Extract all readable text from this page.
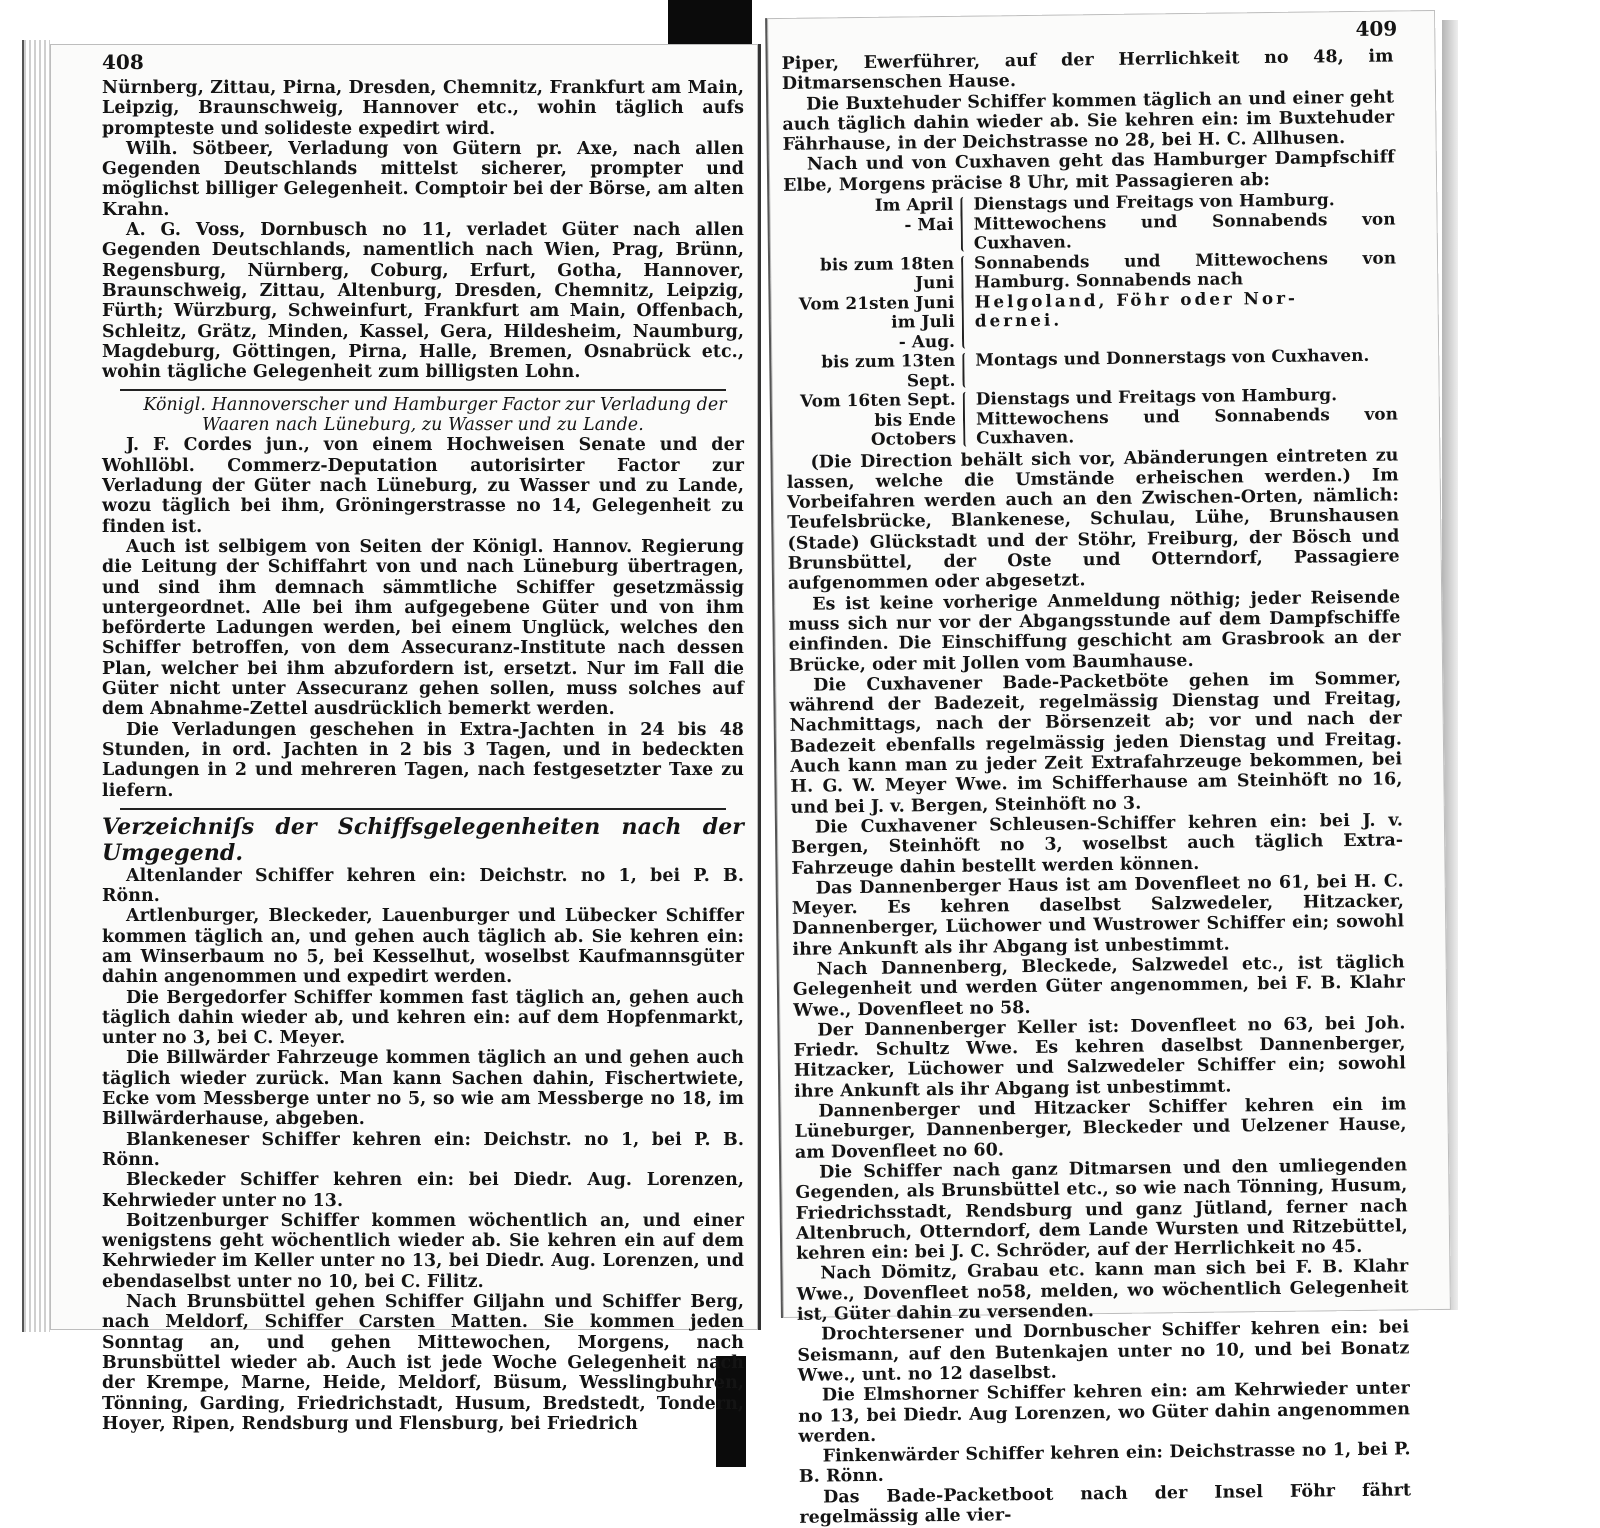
408

Nürnberg, Zittau, Pirna, Dresden, Chemnitz, Frankfurt am Main, Leipzig, Braunschweig, Hannover etc., wohin täglich aufs prompteste und solideste expedirt wird.

Wilh. Sötbeer, Verladung von Gütern pr. Axe, nach allen Gegenden Deutschlands mittelst sicherer, prompter und möglichst billiger Gelegenheit. Comptoir bei der Börse, am alten Krahn.

A. G. Voss, Dornbusch no 11, verladet Güter nach allen Gegenden Deutschlands, namentlich nach Wien, Prag, Brünn, Regensburg, Nürnberg, Coburg, Erfurt, Gotha, Hannover, Braunschweig, Zittau, Altenburg, Dresden, Chemnitz, Leipzig, Fürth; Würzburg, Schweinfurt, Frankfurt am Main, Offenbach, Schleitz, Grätz, Minden, Kassel, Gera, Hildesheim, Naumburg, Magdeburg, Göttingen, Pirna, Halle, Bremen, Osnabrück etc., wohin tägliche Gelegenheit zum billigsten Lohn.

Königl. Hannoverscher und Hamburger Factor zur Verladung der Waaren nach Lüneburg, zu Wasser und zu Lande.

J. F. Cordes jun., von einem Hochweisen Senate und der Wohllöbl. Commerz-Deputation autorisirter Factor zur Verladung der Güter nach Lüneburg, zu Wasser und zu Lande, wozu täglich bei ihm, Gröningerstrasse no 14, Gelegenheit zu finden ist.

Auch ist selbigem von Seiten der Königl. Hannov. Regierung die Leitung der Schiffahrt von und nach Lüneburg übertragen, und sind ihm demnach sämmtliche Schiffer gesetzmässig untergeordnet. Alle bei ihm aufgegebene Güter und von ihm beförderte Ladungen werden, bei einem Unglück, welches den Schiffer betroffen, von dem Assecuranz-Institute nach dessen Plan, welcher bei ihm abzufordern ist, ersetzt. Nur im Fall die Güter nicht unter Assecuranz gehen sollen, muss solches auf dem Abnahme-Zettel ausdrücklich bemerkt werden.

Die Verladungen geschehen in Extra-Jachten in 24 bis 48 Stunden, in ord. Jachten in 2 bis 3 Tagen, und in bedeckten Ladungen in 2 und mehreren Tagen, nach festgesetzter Taxe zu liefern.

Verzeichniſs der Schiffsgelegenheiten nach der Umgegend.

Altenlander Schiffer kehren ein: Deichstr. no 1, bei P. B. Rönn.

Artlenburger, Bleckeder, Lauenburger und Lübecker Schiffer kommen täglich an, und gehen auch täglich ab. Sie kehren ein: am Winserbaum no 5, bei Kesselhut, woselbst Kaufmannsgüter dahin angenommen und expedirt werden.

Die Bergedorfer Schiffer kommen fast täglich an, gehen auch täglich dahin wieder ab, und kehren ein: auf dem Hopfenmarkt, unter no 3, bei C. Meyer.

Die Billwärder Fahrzeuge kommen täglich an und gehen auch täglich wieder zurück. Man kann Sachen dahin, Fischertwiete, Ecke vom Messberge unter no 5, so wie am Messberge no 18, im Billwärderhause, abgeben.

Blankeneser Schiffer kehren ein: Deichstr. no 1, bei P. B. Rönn.

Bleckeder Schiffer kehren ein: bei Diedr. Aug. Lorenzen, Kehrwieder unter no 13.

Boitzenburger Schiffer kommen wöchentlich an, und einer wenigstens geht wöchentlich wieder ab. Sie kehren ein auf dem Kehrwieder im Keller unter no 13, bei Diedr. Aug. Lorenzen, und ebendaselbst unter no 10, bei C. Filitz.

Nach Brunsbüttel gehen Schiffer Giljahn und Schiffer Berg, nach Meldorf, Schiffer Carsten Matten. Sie kommen jeden Sonntag an, und gehen Mittewochen, Morgens, nach Brunsbüttel wieder ab. Auch ist jede Woche Gelegenheit nach der Krempe, Marne, Heide, Meldorf, Büsum, Wesslingbuhren, Tönning, Garding, Friedrichstadt, Husum, Bredstedt, Tondern, Hoyer, Ripen, Rendsburg und Flensburg, bei Friedrich

409

Piper, Ewerführer, auf der Herrlichkeit no 48, im Ditmarsenschen Hause.

Die Buxtehuder Schiffer kommen täglich an und einer geht auch täglich dahin wieder ab. Sie kehren ein: im Buxtehuder Fährhause, in der Deichstrasse no 28, bei H. C. Allhusen.

Nach und von Cuxhaven geht das Hamburger Dampfschiff Elbe, Morgens präcise 8 Uhr, mit Passagieren ab:

Im April
- Mai
Dienstags und Freitags von Hamburg.
Mittewochens und Sonnabends von Cuxhaven.
bis zum 18ten Juni
Vom 21sten Juni
im Juli
- Aug.
Sonnabends und Mittewochens von Hamburg. Sonnabends nach
Helgoland, Föhr oder Nor-
dernei.
bis zum 13ten Sept.
Montags und Donnerstags von Cuxhaven.
Vom 16ten Sept.
bis Ende Octobers
Dienstags und Freitags von Hamburg.
Mittewochens und Sonnabends von Cuxhaven.

(Die Direction behält sich vor, Abänderungen eintreten zu lassen, welche die Umstände erheischen werden.) Im Vorbeifahren werden auch an den Zwischen-Orten, nämlich: Teufelsbrücke, Blankenese, Schulau, Lühe, Brunshausen (Stade) Glückstadt und der Stöhr, Freiburg, der Bösch und Brunsbüttel, der Oste und Otterndorf, Passagiere aufgenommen oder abgesetzt.

Es ist keine vorherige Anmeldung nöthig; jeder Reisende muss sich nur vor der Abgangsstunde auf dem Dampfschiffe einfinden. Die Einschiffung geschicht am Grasbrook an der Brücke, oder mit Jollen vom Baumhause.

Die Cuxhavener Bade-Packetböte gehen im Sommer, während der Badezeit, regelmässig Dienstag und Freitag, Nachmittags, nach der Börsenzeit ab; vor und nach der Badezeit ebenfalls regelmässig jeden Dienstag und Freitag. Auch kann man zu jeder Zeit Extrafahrzeuge bekommen, bei H. G. W. Meyer Wwe. im Schifferhause am Steinhöft no 16, und bei J. v. Bergen, Steinhöft no 3.

Die Cuxhavener Schleusen-Schiffer kehren ein: bei J. v. Bergen, Steinhöft no 3, woselbst auch täglich Extra-Fahrzeuge dahin bestellt werden können.

Das Dannenberger Haus ist am Dovenfleet no 61, bei H. C. Meyer. Es kehren daselbst Salzwedeler, Hitzacker, Dannenberger, Lüchower und Wustrower Schiffer ein; sowohl ihre Ankunft als ihr Abgang ist unbestimmt.

Nach Dannenberg, Bleckede, Salzwedel etc., ist täglich Gelegenheit und werden Güter angenommen, bei F. B. Klahr Wwe., Dovenfleet no 58.

Der Dannenberger Keller ist: Dovenfleet no 63, bei Joh. Friedr. Schultz Wwe. Es kehren daselbst Dannenberger, Hitzacker, Lüchower und Salzwedeler Schiffer ein; sowohl ihre Ankunft als ihr Abgang ist unbestimmt.

Dannenberger und Hitzacker Schiffer kehren ein im Lüneburger, Dannenberger, Bleckeder und Uelzener Hause, am Dovenfleet no 60.

Die Schiffer nach ganz Ditmarsen und den umliegenden Gegenden, als Brunsbüttel etc., so wie nach Tönning, Husum, Friedrichsstadt, Rendsburg und ganz Jütland, ferner nach Altenbruch, Otterndorf, dem Lande Wursten und Ritzebüttel, kehren ein: bei J. C. Schröder, auf der Herrlichkeit no 45.

Nach Dömitz, Grabau etc. kann man sich bei F. B. Klahr Wwe., Dovenfleet no58, melden, wo wöchentlich Gelegenheit ist, Güter dahin zu versenden.

Drochtersener und Dornbuscher Schiffer kehren ein: bei Seismann, auf den Butenkajen unter no 10, und bei Bonatz Wwe., unt. no 12 daselbst.

Die Elmshorner Schiffer kehren ein: am Kehrwieder unter no 13, bei Diedr. Aug Lorenzen, wo Güter dahin angenommen werden.

Finkenwärder Schiffer kehren ein: Deichstrasse no 1, bei P. B. Rönn.

Das Bade-Packetboot nach der Insel Föhr fährt regelmässig alle vier-
